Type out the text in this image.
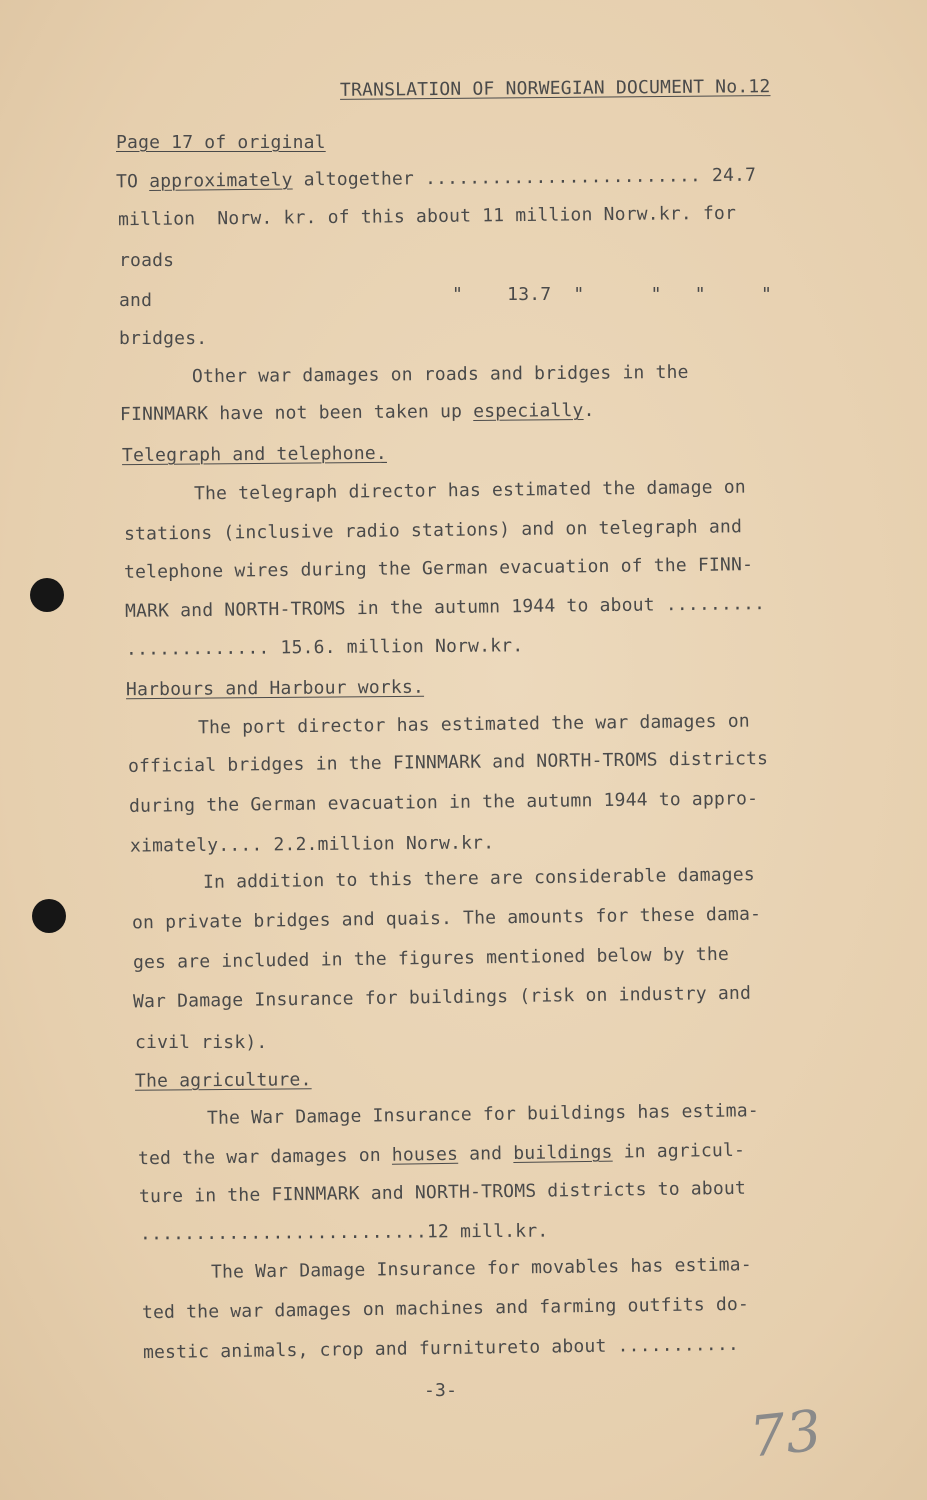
TRANSLATION OF NORWEGIAN DOCUMENT No.12
Page 17 of original
TO approximately altogether ......................... 24.7
million  Norw. kr. of this about 11 million Norw.kr. for
roads
and	"    13.7  "      "   "     "
bridges.
Other war damages on roads and bridges in the
FINNMARK have not been taken up especially.
Telegraph and telephone.
The telegraph director has estimated the damage on
stations (inclusive radio stations) and on telegraph and
telephone wires during the German evacuation of the FINN-
MARK and NORTH-TROMS in the autumn 1944 to about .........
............. 15.6. million Norw.kr.
Harbours and Harbour works.
The port director has estimated the war damages on
official bridges in the FINNMARK and NORTH-TROMS districts
during the German evacuation in the autumn 1944 to appro-
ximately.... 2.2.million Norw.kr.
In addition to this there are considerable damages
on private bridges and quais. The amounts for these dama-
ges are included in the figures mentioned below by the
War Damage Insurance for buildings (risk on industry and
civil risk).
The agriculture.
The War Damage Insurance for buildings has estima-
ted the war damages on houses and buildings in agricul-
ture in the FINNMARK and NORTH-TROMS districts to about
..........................12 mill.kr.
The War Damage Insurance for movables has estima-
ted the war damages on machines and farming outfits do-
mestic animals, crop and furnitureto about ...........
-3-
73
